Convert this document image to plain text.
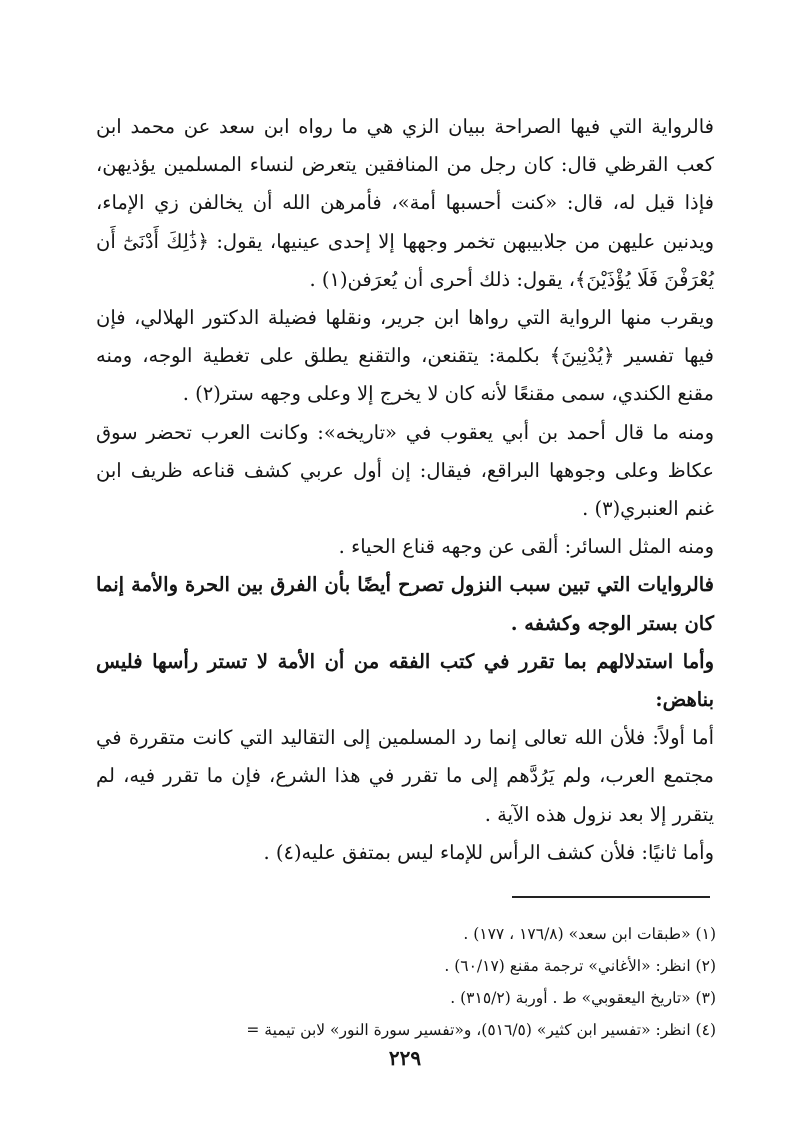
فالرواية التي فيها الصراحة ببيان الزي هي ما رواه ابن سعد عن محمد ابن كعب القرظي قال: كان رجل من المنافقين يتعرض لنساء المسلمين يؤذيهن، فإذا قيل له، قال: «كنت أحسبها أمة»، فأمرهن الله أن يخالفن زي الإماء، ويدنين عليهن من جلابيبهن تخمر وجهها إلا إحدى عينيها، يقول: ﴿ذَٰلِكَ أَدْنَىٰٓ أَن يُعْرَفْنَ فَلَا يُؤْذَيْنَ﴾، يقول: ذلك أحرى أن يُعرَفن(١) .

ويقرب منها الرواية التي رواها ابن جرير، ونقلها فضيلة الدكتور الهلالي، فإن فيها تفسير ﴿يُدْنِينَ﴾ بكلمة: يتقنعن، والتقنع يطلق على تغطية الوجه، ومنه مقنع الكندي، سمى مقنعًا لأنه كان لا يخرج إلا وعلى وجهه ستر(٢) .

ومنه ما قال أحمد بن أبي يعقوب في «تاريخه»: وكانت العرب تحضر سوق عكاظ وعلى وجوهها البراقع، فيقال: إن أول عربي كشف قناعه ظريف ابن غنم العنبري(٣) .

ومنه المثل السائر: ألقى عن وجهه قناع الحياء .

فالروايات التي تبين سبب النزول تصرح أيضًا بأن الفرق بين الحرة والأمة إنما كان بستر الوجه وكشفه .

وأما استدلالهم بما تقرر في كتب الفقه من أن الأمة لا تستر رأسها فليس بناهض:

أما أولاً: فلأن الله تعالى إنما رد المسلمين إلى التقاليد التي كانت متقررة في مجتمع العرب، ولم يَرُدَّهم إلى ما تقرر في هذا الشرع، فإن ما تقرر فيه، لم يتقرر إلا بعد نزول هذه الآية .

وأما ثانيًا: فلأن كشف الرأس للإماء ليس بمتفق عليه(٤) .

(١) «طبقات ابن سعد» (١٧٦/٨ ، ١٧٧) .

(٢) انظر: «الأغاني» ترجمة مقنع (٦٠/١٧) .

(٣) «تاريخ اليعقوبي» ط . أوربة (٣١٥/٢) .

(٤) انظر: «تفسير ابن كثير» (٥١٦/٥)، و«تفسير سورة النور» لابن تيمية =

٢٢٩
